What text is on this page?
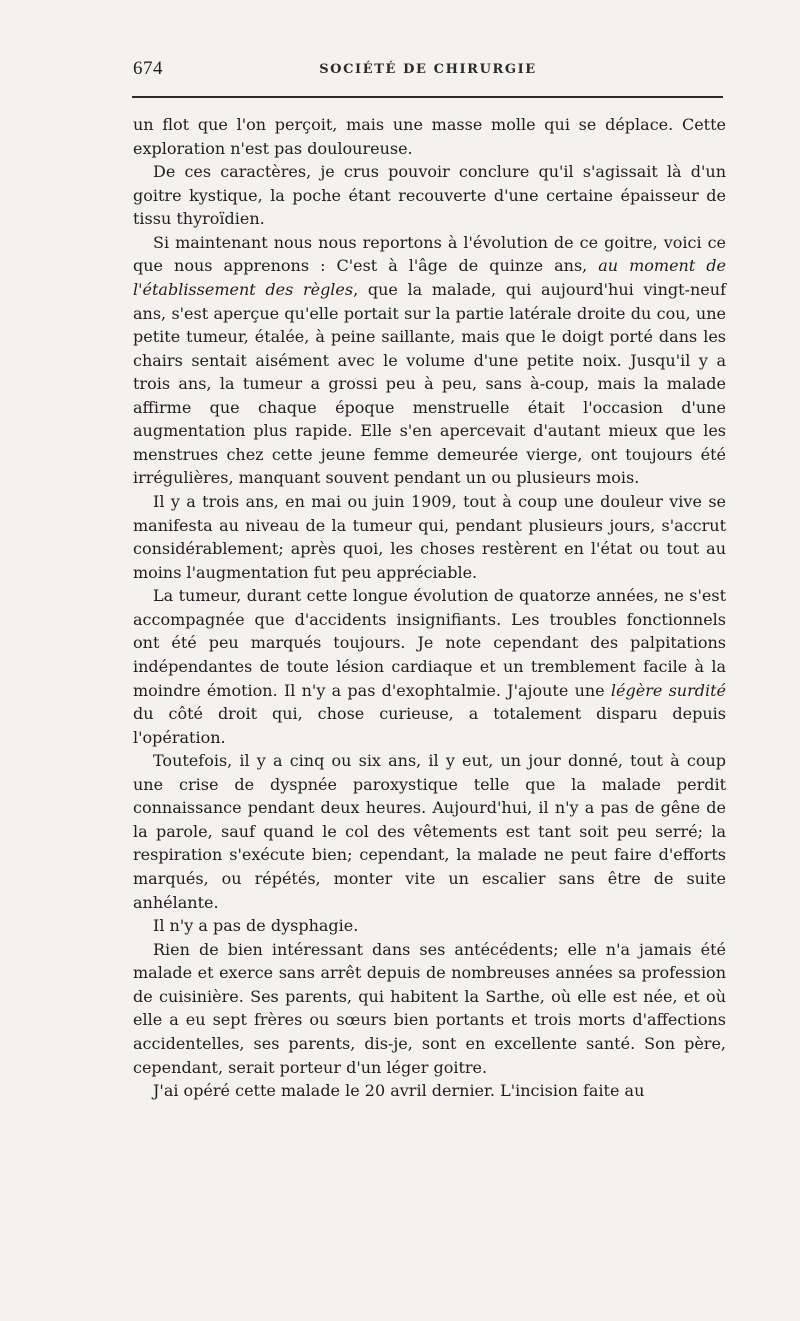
674	SOCIÉTÉ DE CHIRURGIE

un flot que l'on perçoit, mais une masse molle qui se déplace. Cette exploration n'est pas douloureuse.

De ces caractères, je crus pouvoir conclure qu'il s'agissait là d'un goitre kystique, la poche étant recouverte d'une certaine épaisseur de tissu thyroïdien.

Si maintenant nous nous reportons à l'évolution de ce goitre, voici ce que nous apprenons : C'est à l'âge de quinze ans, au moment de l'établissement des règles, que la malade, qui aujourd'hui vingt-neuf ans, s'est aperçue qu'elle portait sur la partie latérale droite du cou, une petite tumeur, étalée, à peine saillante, mais que le doigt porté dans les chairs sentait aisément avec le volume d'une petite noix. Jusqu'il y a trois ans, la tumeur a grossi peu à peu, sans à-coup, mais la malade affirme que chaque époque menstruelle était l'occasion d'une augmentation plus rapide. Elle s'en apercevait d'autant mieux que les menstrues chez cette jeune femme demeurée vierge, ont toujours été irrégulières, manquant souvent pendant un ou plusieurs mois.

Il y a trois ans, en mai ou juin 1909, tout à coup une douleur vive se manifesta au niveau de la tumeur qui, pendant plusieurs jours, s'accrut considérablement; après quoi, les choses restèrent en l'état ou tout au moins l'augmentation fut peu appréciable.

La tumeur, durant cette longue évolution de quatorze années, ne s'est accompagnée que d'accidents insignifiants. Les troubles fonctionnels ont été peu marqués toujours. Je note cependant des palpitations indépendantes de toute lésion cardiaque et un tremblement facile à la moindre émotion. Il n'y a pas d'exophtalmie. J'ajoute une légère surdité du côté droit qui, chose curieuse, a totalement disparu depuis l'opération.

Toutefois, il y a cinq ou six ans, il y eut, un jour donné, tout à coup une crise de dyspnée paroxystique telle que la malade perdit connaissance pendant deux heures. Aujourd'hui, il n'y a pas de gêne de la parole, sauf quand le col des vêtements est tant soit peu serré; la respiration s'exécute bien; cependant, la malade ne peut faire d'efforts marqués, ou répétés, monter vite un escalier sans être de suite anhélante.

Il n'y a pas de dysphagie.

Rien de bien intéressant dans ses antécédents; elle n'a jamais été malade et exerce sans arrêt depuis de nombreuses années sa profession de cuisinière. Ses parents, qui habitent la Sarthe, où elle est née, et où elle a eu sept frères ou sœurs bien portants et trois morts d'affections accidentelles, ses parents, dis-je, sont en excellente santé. Son père, cependant, serait porteur d'un léger goitre.

J'ai opéré cette malade le 20 avril dernier. L'incision faite au
